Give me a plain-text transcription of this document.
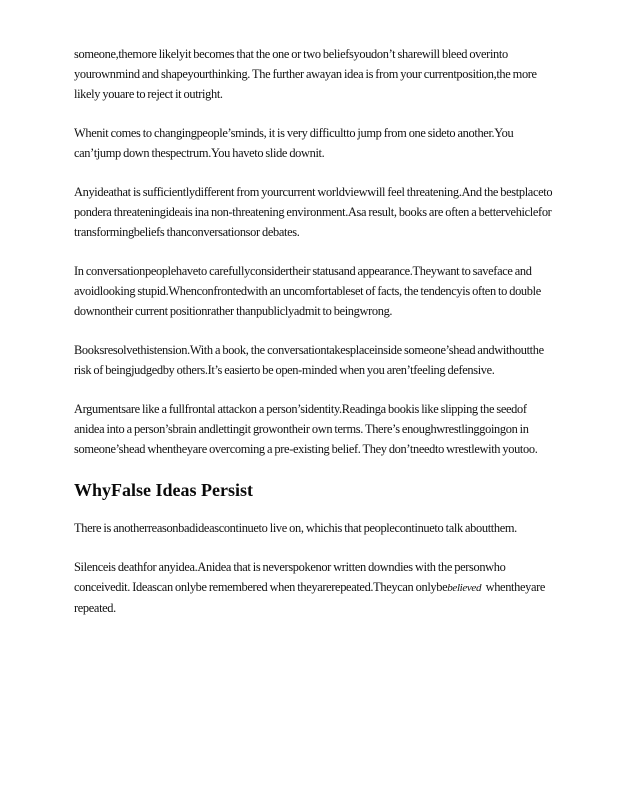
someone,themore likelyit becomes that the one or two beliefsyoudon’t sharewill bleed overinto yourownmind and shapeyourthinking. The further awayan idea is from your currentposition,the more likely youare to reject it outright.

Whenit comes to changingpeople’sminds, it is very difficultto jump from one sideto another.You can’tjump down thespectrum.You haveto slide downit.

Anyideathat is sufficientlydifferent from yourcurrent worldviewwill feel threatening.And the bestplaceto pondera threateningideais ina non-threatening environment.Asa result, books are often a bettervehiclefor transformingbeliefs thanconversationsor debates.

In conversationpeoplehaveto carefullyconsidertheir statusand appearance.Theywant to saveface and avoidlooking stupid.Whenconfrontedwith an uncomfortableset of facts, the tendencyis often to double downontheir current positionrather thanpubliclyadmit to beingwrong.

Booksresolvethistension.With a book, the conversationtakesplaceinside someone’shead andwithoutthe risk of beingjudgedby others.It’s easierto be open-minded when you aren’tfeeling defensive.

Argumentsare like a fullfrontal attackon a person’sidentity.Readinga bookis like slipping the seedof anidea into a person’sbrain andlettingit growontheir own terms. There’s enoughwrestlinggoingon in someone’shead whentheyare overcoming a pre-existing belief. They don’tneedto wrestlewith youtoo.

WhyFalse Ideas Persist

There is anotherreasonbadideascontinueto live on, whichis that peoplecontinueto talk aboutthem.

Silenceis deathfor anyidea.Anidea that is neverspokenor written downdies with the personwho conceivedit. Ideascan onlybe remembered when theyarerepeated.Theycan onlybebelieved  whentheyare repeated.
